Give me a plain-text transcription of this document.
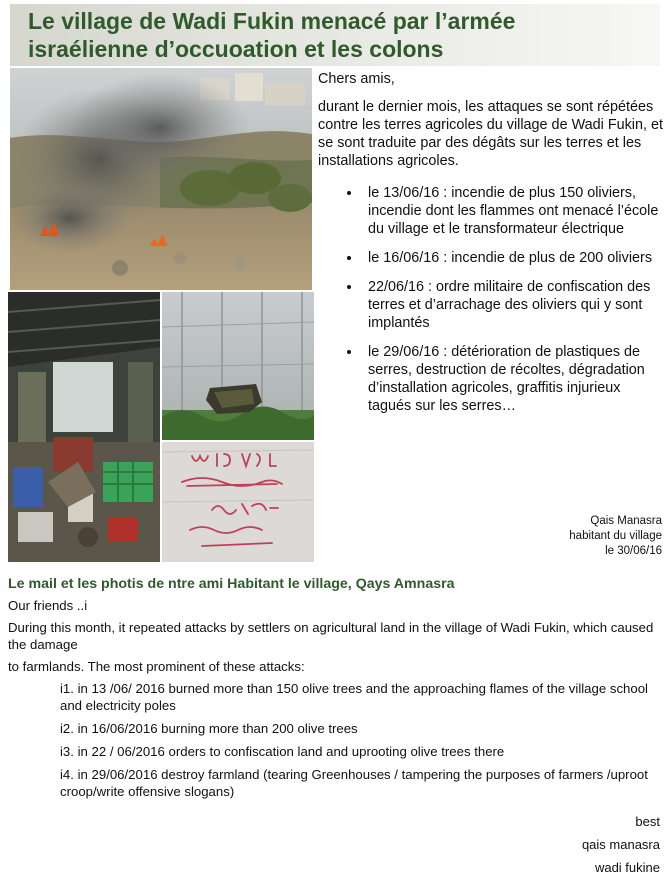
Le village de Wadi Fukin menacé par l’armée
israélienne d’occuoation et les colons

Chers amis,

durant le dernier mois, les attaques se sont répétées contre les terres agricoles du village de Wadi Fukin, et se sont traduite par des dégâts sur les terres et les installations agricoles.

• le 13/06/16 : incendie de plus 150 oliviers, incendie dont les flammes ont menacé l’école du village et le transformateur électrique
• le 16/06/16 : incendie de plus de 200 oliviers
• 22/06/16 : ordre militaire de confiscation des terres et d’arrachage des oliviers qui y sont implantés
• le 29/06/16 : détérioration de plastiques de serres, destruction de récoltes, dégradation d’installation agricoles, graffitis injurieux tagués sur les serres…
Qais Manasra
habitant du village
le 30/06/16
Le mail et les photis de ntre ami Habitant le village, Qays Amnasra

Our friends ..i

During this month, it repeated attacks by settlers on agricultural land in the village of Wadi Fukin, which caused the damage

to farmlands. The most prominent of these attacks:

i1. in 13 /06/ 2016 burned more than 150 olive trees and the approaching flames of the village school and electricity poles
i2. in 16/06/2016 burning more than 200 olive trees
i3. in 22 / 06/2016 orders to confiscation land and uprooting olive trees there
i4. in 29/06/2016 destroy farmland (tearing Greenhouses / tampering the purposes of farmers /uproot croop/write offensive slogans)
best
qais manasra
wadi fukine
